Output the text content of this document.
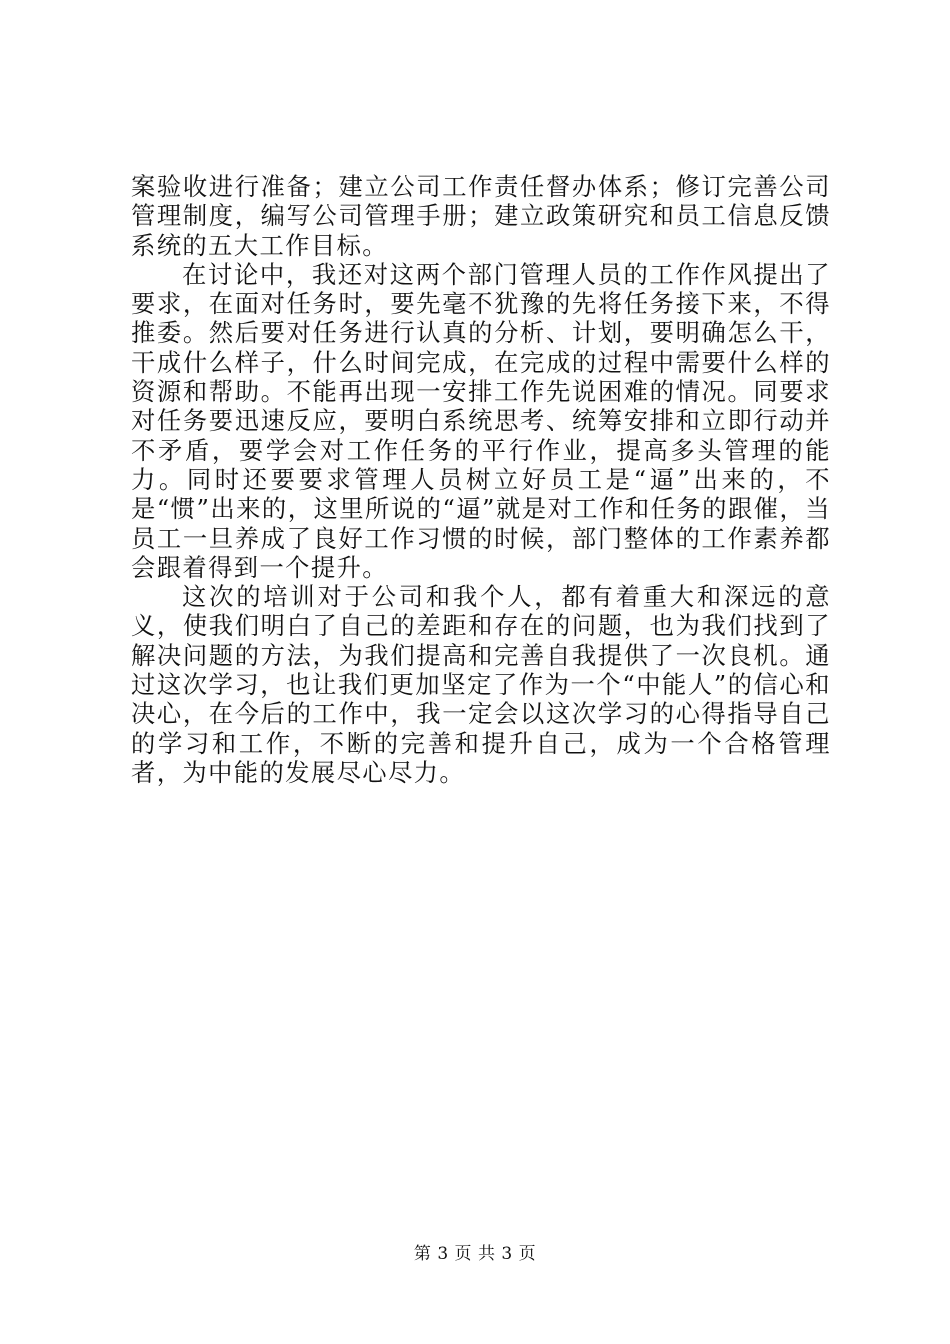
案验收进行准备；建立公司工作责任督办体系；修订完善公司管理制度，编写公司管理手册；建立政策研究和员工信息反馈系统的五大工作目标。

在讨论中，我还对这两个部门管理人员的工作作风提出了要求，在面对任务时，要先毫不犹豫的先将任务接下来，不得推委。然后要对任务进行认真的分析、计划，要明确怎么干，干成什么样子，什么时间完成，在完成的过程中需要什么样的资源和帮助。不能再出现一安排工作先说困难的情况。同要求对任务要迅速反应，要明白系统思考、统筹安排和立即行动并不矛盾，要学会对工作任务的平行作业，提高多头管理的能力。同时还要要求管理人员树立好员工是“逼”出来的，不是“惯”出来的，这里所说的“逼”就是对工作和任务的跟催，当员工一旦养成了良好工作习惯的时候，部门整体的工作素养都会跟着得到一个提升。

这次的培训对于公司和我个人，都有着重大和深远的意义，使我们明白了自己的差距和存在的问题，也为我们找到了解决问题的方法，为我们提高和完善自我提供了一次良机。通过这次学习，也让我们更加坚定了作为一个“中能人”的信心和决心，在今后的工作中，我一定会以这次学习的心得指导自己的学习和工作，不断的完善和提升自己，成为一个合格管理者，为中能的发展尽心尽力。

第 3 页 共 3 页
